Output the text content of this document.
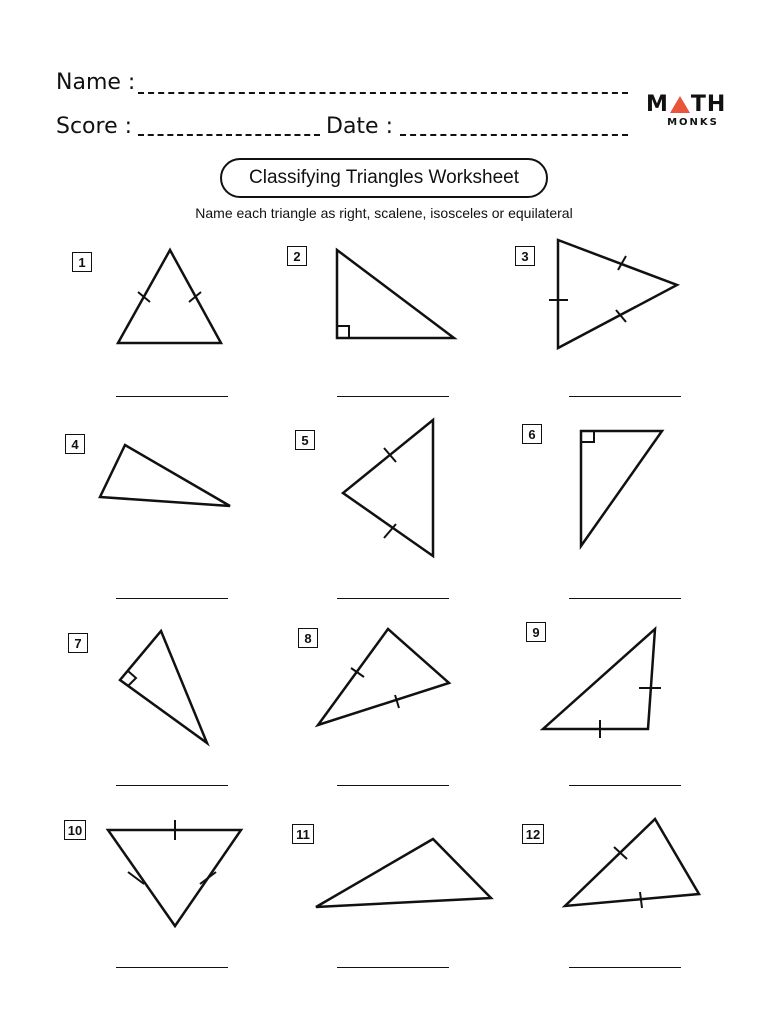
Name :
Score :	Date :
M TH
MONKS
Classifying Triangles Worksheet
Name each triangle as right, scalene, isosceles or equilateral
1	2	3
4	5	6
7	8	9
10	11	12
